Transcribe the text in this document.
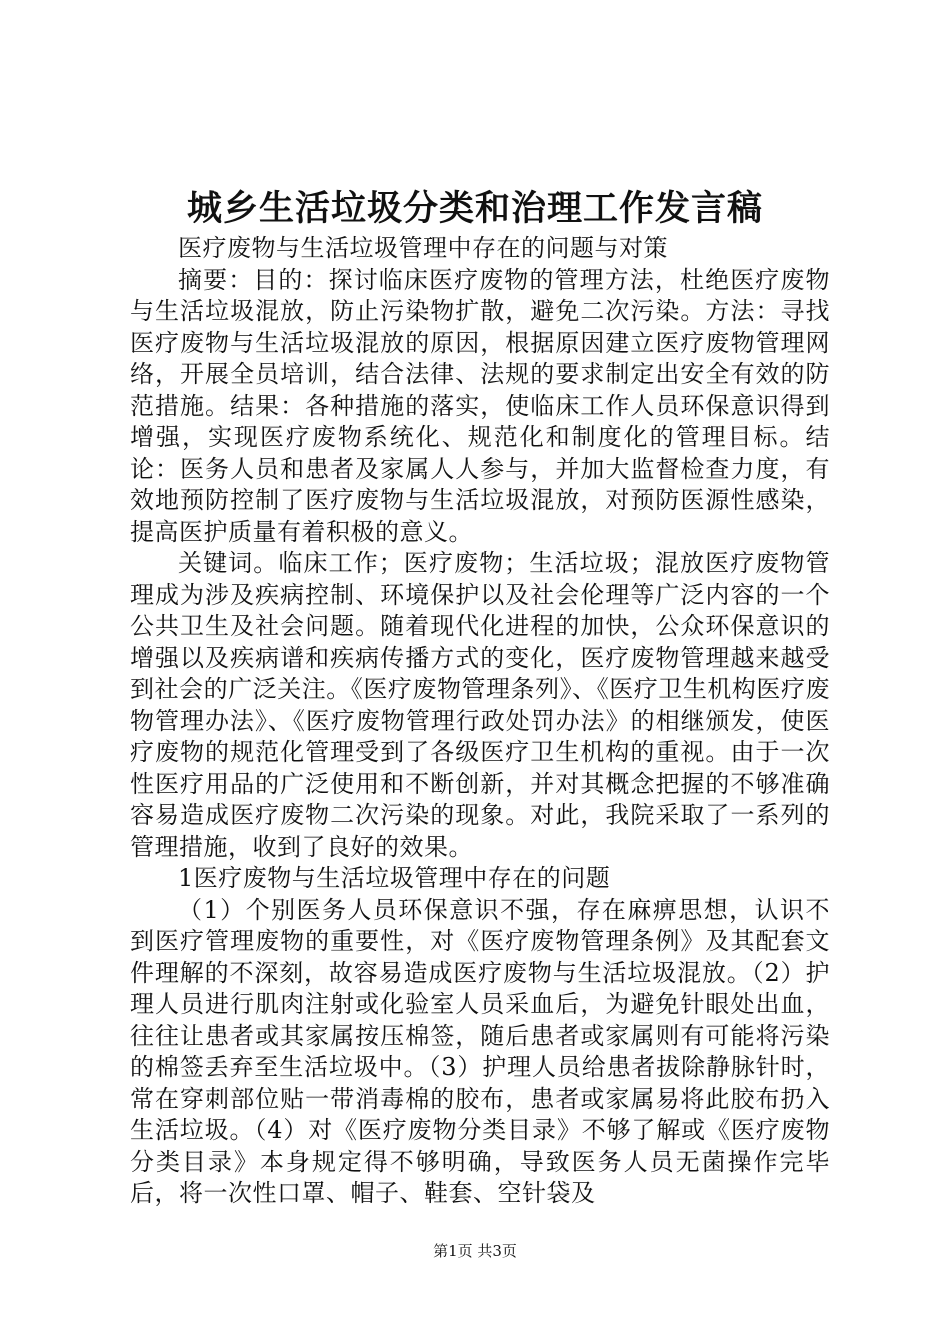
城乡生活垃圾分类和治理工作发言稿

医疗废物与生活垃圾管理中存在的问题与对策

摘要：目的：探讨临床医疗废物的管理方法，杜绝医疗废物与生活垃圾混放，防止污染物扩散，避免二次污染。方法：寻找医疗废物与生活垃圾混放的原因，根据原因建立医疗废物管理网络，开展全员培训，结合法律、法规的要求制定出安全有效的防范措施。结果：各种措施的落实，使临床工作人员环保意识得到增强，实现医疗废物系统化、规范化和制度化的管理目标。结论：医务人员和患者及家属人人参与，并加大监督检查力度，有效地预防控制了医疗废物与生活垃圾混放，对预防医源性感染，提高医护质量有着积极的意义。

关键词。临床工作；医疗废物；生活垃圾；混放医疗废物管理成为涉及疾病控制、环境保护以及社会伦理等广泛内容的一个公共卫生及社会问题。随着现代化进程的加快，公众环保意识的增强以及疾病谱和疾病传播方式的变化，医疗废物管理越来越受到社会的广泛关注。《医疗废物管理条列》、《医疗卫生机构医疗废物管理办法》、《医疗废物管理行政处罚办法》的相继颁发，使医疗废物的规范化管理受到了各级医疗卫生机构的重视。由于一次性医疗用品的广泛使用和不断创新，并对其概念把握的不够准确容易造成医疗废物二次污染的现象。对此，我院采取了一系列的管理措施，收到了良好的效果。

1医疗废物与生活垃圾管理中存在的问题

（1）个别医务人员环保意识不强，存在麻痹思想，认识不到医疗管理废物的重要性，对《医疗废物管理条例》及其配套文件理解的不深刻，故容易造成医疗废物与生活垃圾混放。（2）护理人员进行肌肉注射或化验室人员采血后，为避免针眼处出血，往往让患者或其家属按压棉签，随后患者或家属则有可能将污染的棉签丢弃至生活垃圾中。（3）护理人员给患者拔除静脉针时，常在穿刺部位贴一带消毒棉的胶布，患者或家属易将此胶布扔入生活垃圾。（4）对《医疗废物分类目录》不够了解或《医疗废物分类目录》本身规定得不够明确，导致医务人员无菌操作完毕后，将一次性口罩、帽子、鞋套、空针袋及

第1页 共3页
